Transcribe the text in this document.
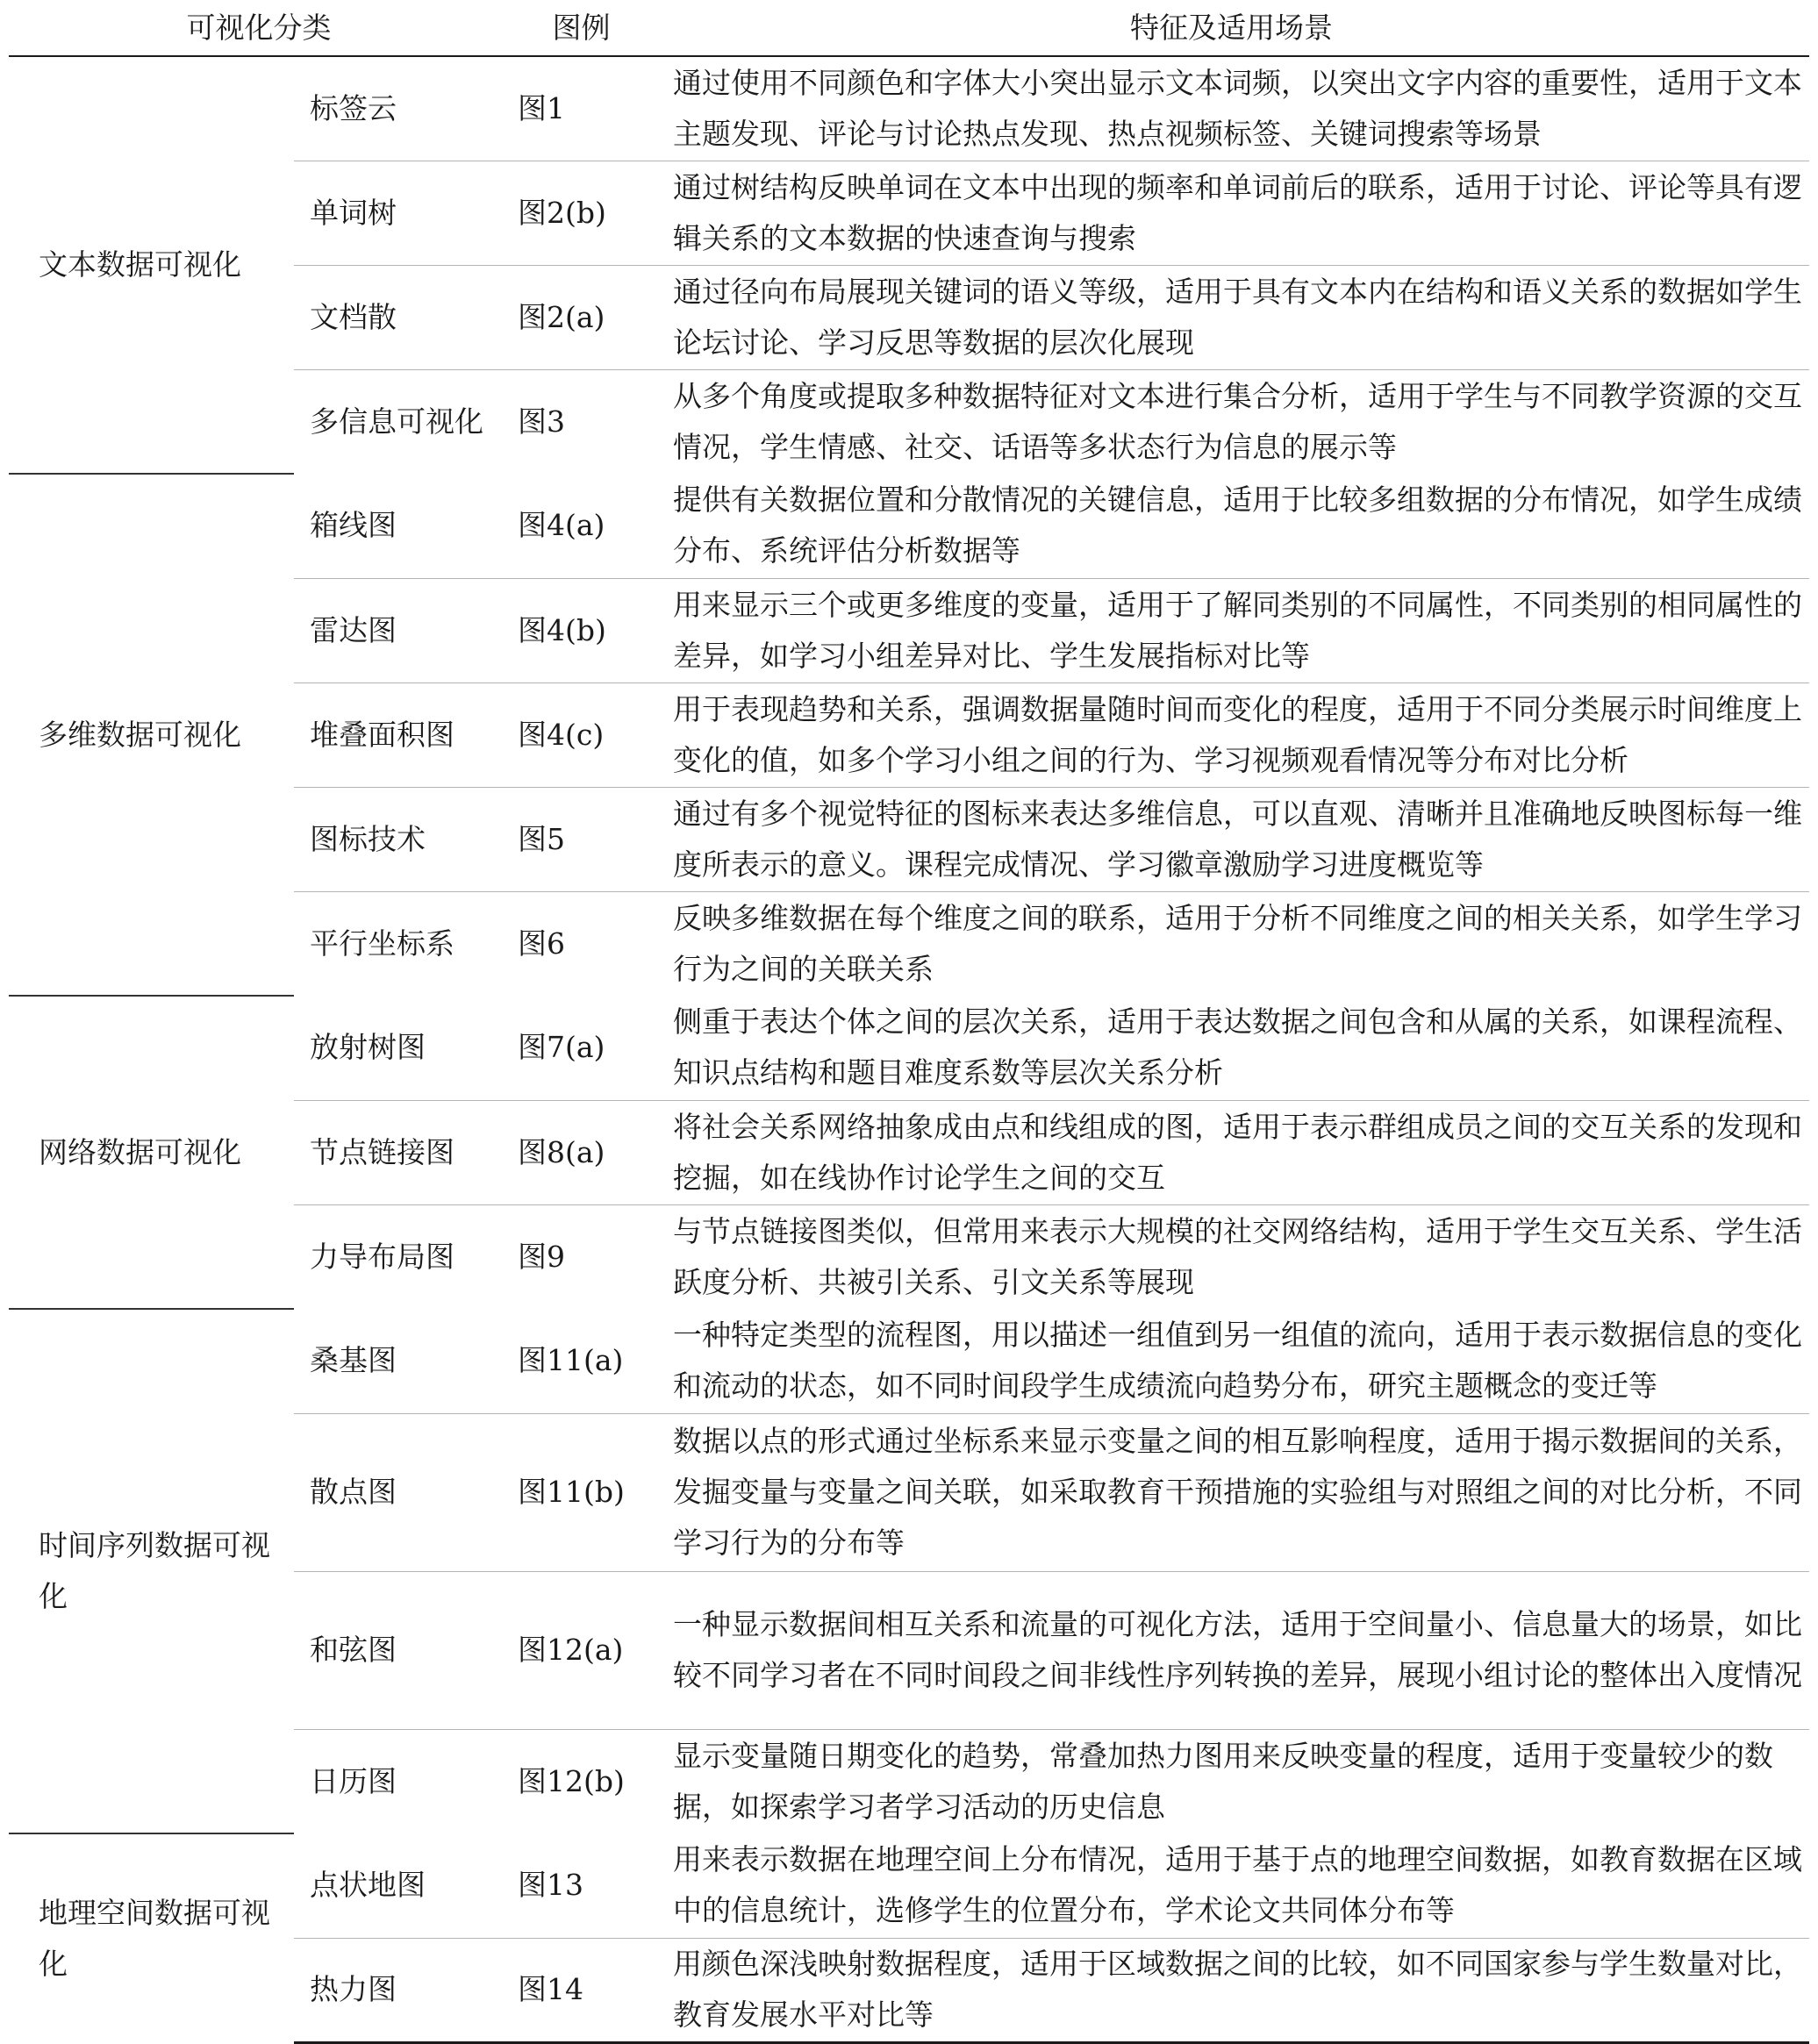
可视化分类		图例	特征及适用场景
文本数据可视化	标签云	图1	通过使用不同颜色和字体大小突出显示文本词频，以突出文字内容的重要性，适用于文本主题发现、评论与讨论热点发现、热点视频标签、关键词搜索等场景
	单词树	图2(b)	通过树结构反映单词在文本中出现的频率和单词前后的联系，适用于讨论、评论等具有逻辑关系的文本数据的快速查询与搜索
	文档散	图2(a)	通过径向布局展现关键词的语义等级，适用于具有文本内在结构和语义关系的数据如学生论坛讨论、学习反思等数据的层次化展现
	多信息可视化	图3	从多个角度或提取多种数据特征对文本进行集合分析，适用于学生与不同教学资源的交互情况，学生情感、社交、话语等多状态行为信息的展示等
多维数据可视化	箱线图	图4(a)	提供有关数据位置和分散情况的关键信息，适用于比较多组数据的分布情况，如学生成绩分布、系统评估分析数据等
	雷达图	图4(b)	用来显示三个或更多维度的变量，适用于了解同类别的不同属性，不同类别的相同属性的差异，如学习小组差异对比、学生发展指标对比等
	堆叠面积图	图4(c)	用于表现趋势和关系，强调数据量随时间而变化的程度，适用于不同分类展示时间维度上变化的值，如多个学习小组之间的行为、学习视频观看情况等分布对比分析
	图标技术	图5	通过有多个视觉特征的图标来表达多维信息，可以直观、清晰并且准确地反映图标每一维度所表示的意义。课程完成情况、学习徽章激励学习进度概览等
	平行坐标系	图6	反映多维数据在每个维度之间的联系，适用于分析不同维度之间的相关关系，如学生学习行为之间的关联关系
网络数据可视化	放射树图	图7(a)	侧重于表达个体之间的层次关系，适用于表达数据之间包含和从属的关系，如课程流程、知识点结构和题目难度系数等层次关系分析
	节点链接图	图8(a)	将社会关系网络抽象成由点和线组成的图，适用于表示群组成员之间的交互关系的发现和挖掘，如在线协作讨论学生之间的交互
	力导布局图	图9	与节点链接图类似，但常用来表示大规模的社交网络结构，适用于学生交互关系、学生活跃度分析、共被引关系、引文关系等展现
时间序列数据可视化	桑基图	图11(a)	一种特定类型的流程图，用以描述一组值到另一组值的流向，适用于表示数据信息的变化和流动的状态，如不同时间段学生成绩流向趋势分布，研究主题概念的变迁等
	散点图	图11(b)	数据以点的形式通过坐标系来显示变量之间的相互影响程度，适用于揭示数据间的关系，发掘变量与变量之间关联，如采取教育干预措施的实验组与对照组之间的对比分析，不同学习行为的分布等
	和弦图	图12(a)	一种显示数据间相互关系和流量的可视化方法，适用于空间量小、信息量大的场景，如比较不同学习者在不同时间段之间非线性序列转换的差异，展现小组讨论的整体出入度情况
	日历图	图12(b)	显示变量随日期变化的趋势，常叠加热力图用来反映变量的程度，适用于变量较少的数据，如探索学习者学习活动的历史信息
地理空间数据可视化	点状地图	图13	用来表示数据在地理空间上分布情况，适用于基于点的地理空间数据，如教育数据在区域中的信息统计，选修学生的位置分布，学术论文共同体分布等
	热力图	图14	用颜色深浅映射数据程度，适用于区域数据之间的比较，如不同国家参与学生数量对比，教育发展水平对比等
